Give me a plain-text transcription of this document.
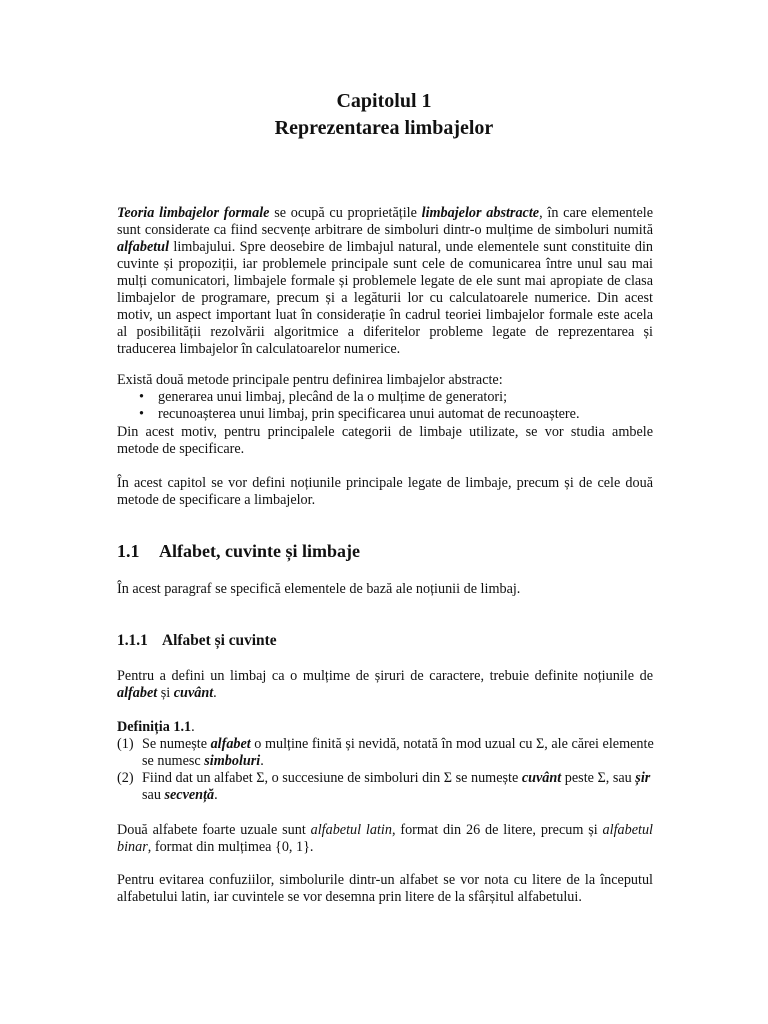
Capitolul 1
Reprezentarea limbajelor

Teoria limbajelor formale se ocupă cu proprietățile limbajelor abstracte, în care elementele sunt considerate ca fiind secvențe arbitrare de simboluri dintr-o mulțime de simboluri numită alfabetul limbajului. Spre deosebire de limbajul natural, unde elementele sunt constituite din cuvinte și propoziții, iar problemele principale sunt cele de comunicarea între unul sau mai mulți comunicatori, limbajele formale și problemele legate de ele sunt mai apropiate de clasa limbajelor de programare, precum și a legăturii lor cu calculatoarele numerice. Din acest motiv, un aspect important luat în considerație în cadrul teoriei limbajelor formale este acela al posibilității rezolvării algoritmice a diferitelor probleme legate de reprezentarea și traducerea limbajelor în calculatoarelor numerice.

Există două metode principale pentru definirea limbajelor abstracte:

• generarea unui limbaj, plecând de la o mulțime de generatori;
• recunoașterea unui limbaj, prin specificarea unui automat de recunoaștere.

Din acest motiv, pentru principalele categorii de limbaje utilizate, se vor studia ambele metode de specificare.

În acest capitol se vor defini noțiunile principale legate de limbaje, precum și de cele două metode de specificare a limbajelor.

1.1 Alfabet, cuvinte și limbaje

În acest paragraf se specifică elementele de bază ale noțiunii de limbaj.

1.1.1 Alfabet și cuvinte

Pentru a defini un limbaj ca o mulțime de șiruri de caractere, trebuie definite noțiunile de alfabet și cuvânt.

Definiția 1.1.

(1) Se numește alfabet o mulține finită și nevidă, notată în mod uzual cu Σ, ale cărei elemente se numesc simboluri.
(2) Fiind dat un alfabet Σ, o succesiune de simboluri din Σ se numește cuvânt peste Σ, sau șir sau secvență.

Două alfabete foarte uzuale sunt alfabetul latin, format din 26 de litere, precum și alfabetul binar, format din mulțimea {0, 1}.

Pentru evitarea confuziilor, simbolurile dintr-un alfabet se vor nota cu litere de la începutul alfabetului latin, iar cuvintele se vor desemna prin litere de la sfârșitul alfabetului.
